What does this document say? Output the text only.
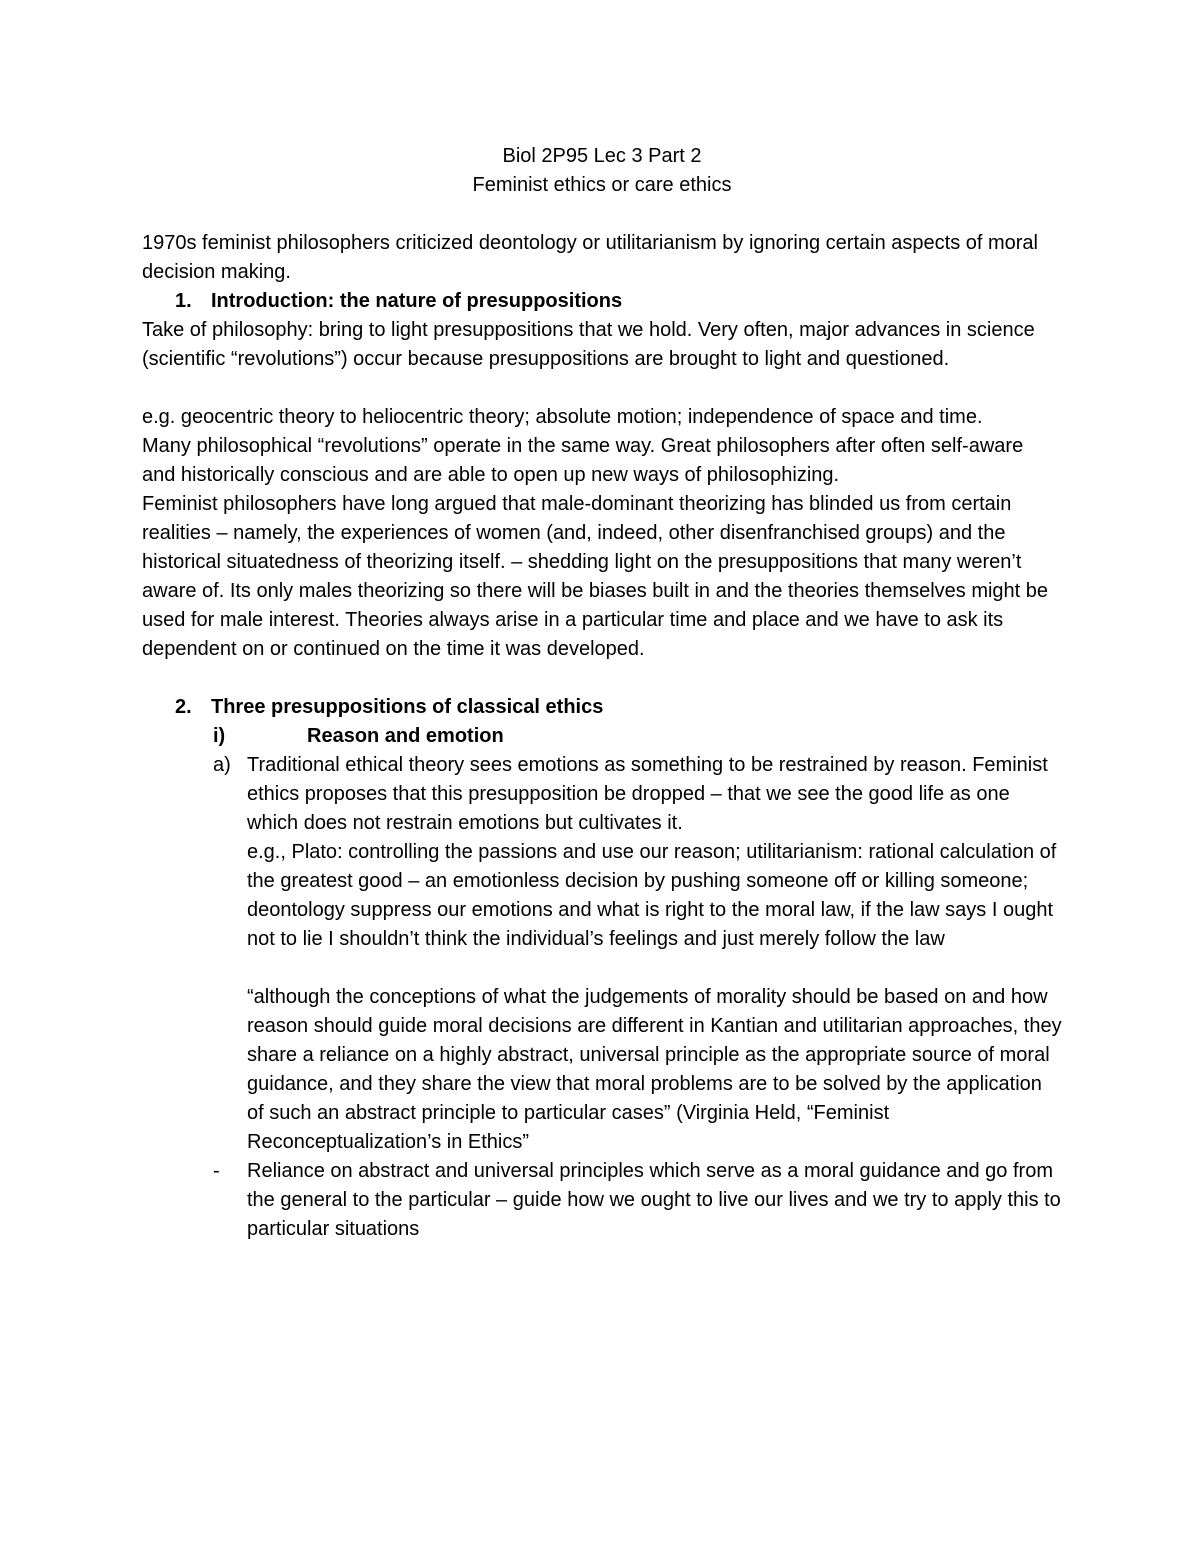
Biol 2P95 Lec 3 Part 2

Feminist ethics or care ethics

1970s feminist philosophers criticized deontology or utilitarianism by ignoring certain aspects of moral decision making.

1. Introduction: the nature of presuppositions

Take of philosophy: bring to light presuppositions that we hold. Very often, major advances in science (scientific “revolutions”) occur because presuppositions are brought to light and questioned.

e.g. geocentric theory to heliocentric theory; absolute motion; independence of space and time.

Many philosophical “revolutions” operate in the same way. Great philosophers after often self-aware and historically conscious and are able to open up new ways of philosophizing.

Feminist philosophers have long argued that male-dominant theorizing has blinded us from certain realities – namely, the experiences of women (and, indeed, other disenfranchised groups) and the historical situatedness of theorizing itself. – shedding light on the presuppositions that many weren’t aware of. Its only males theorizing so there will be biases built in and the theories themselves might be used for male interest. Theories always arise in a particular time and place and we have to ask its dependent on or continued on the time it was developed.

2. Three presuppositions of classical ethics
i)	Reason and emotion
a) Traditional ethical theory sees emotions as something to be restrained by reason. Feminist ethics proposes that this presupposition be dropped – that we see the good life as one which does not restrain emotions but cultivates it.

e.g., Plato: controlling the passions and use our reason; utilitarianism: rational calculation of the greatest good – an emotionless decision by pushing someone off or killing someone; deontology suppress our emotions and what is right to the moral law, if the law says I ought not to lie I shouldn’t think the individual’s feelings and just merely follow the law

“although the conceptions of what the judgements of morality should be based on and how reason should guide moral decisions are different in Kantian and utilitarian approaches, they share a reliance on a highly abstract, universal principle as the appropriate source of moral guidance, and they share the view that moral problems are to be solved by the application of such an abstract principle to particular cases” (Virginia Held, “Feminist Reconceptualization’s in Ethics”

-	Reliance on abstract and universal principles which serve as a moral guidance and go from the general to the particular – guide how we ought to live our lives and we try to apply this to particular situations
